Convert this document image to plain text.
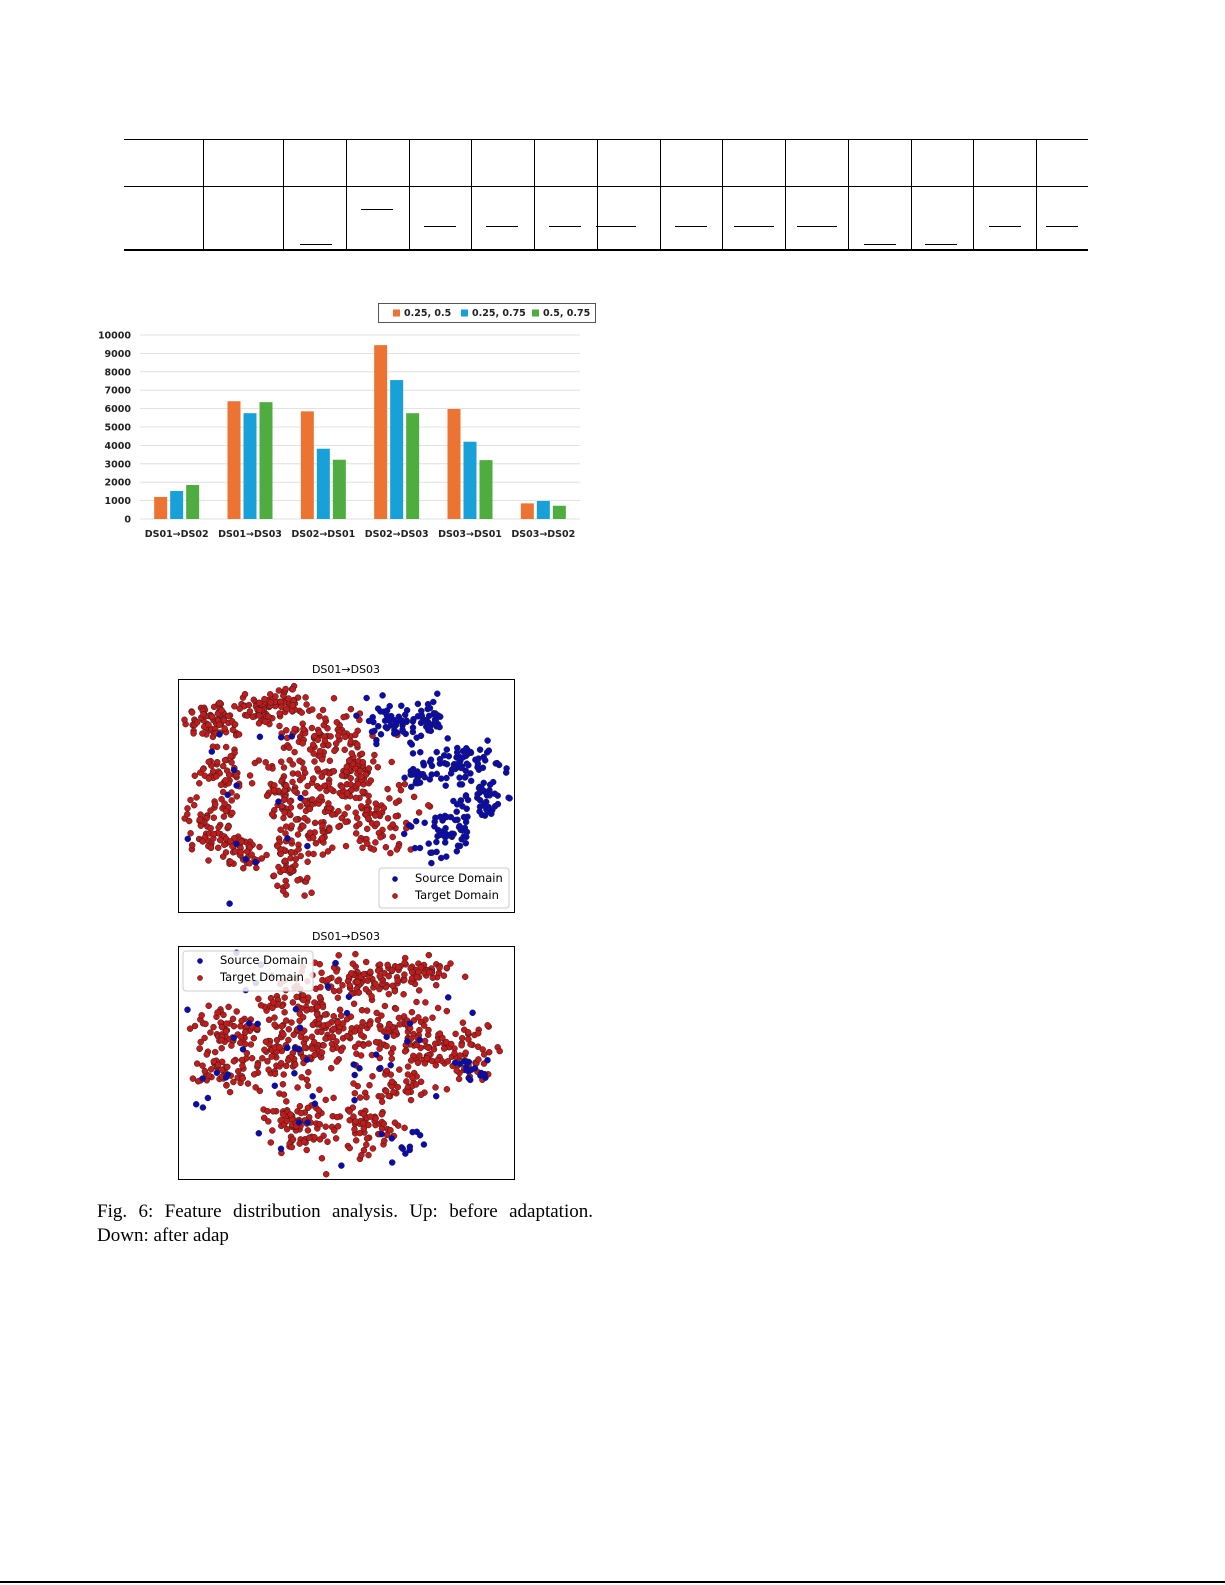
0
1000
2000
3000
4000
5000
6000
7000
8000
9000
10000
DS01→DS02 DS01→DS03 DS02→DS01 DS02→DS03 DS03→DS01 DS03→DS02
0.25, 0.5 0.25, 0.75 0.5, 0.75
DS01→DS03
Source Domain
Target Domain
DS01→DS03
Source Domain
Target Domain
Fig. 6: Feature distribution analysis. Up: before adaptation.
Down: after adap
